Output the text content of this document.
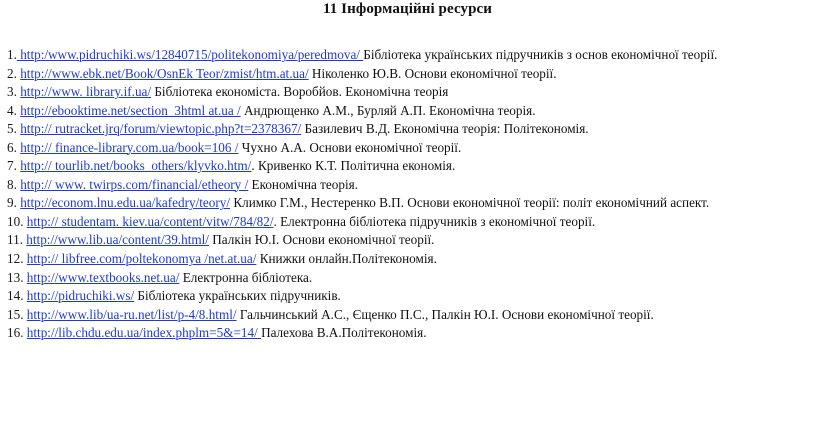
11 Інформаційні ресурси
1. http:/www.pidruchiki.ws/12840715/politekonomiya/peredmova/ Бібліотека українських підручників з основ економічної теорії.
2. http://www.ebk.net/Book/OsnEk Teor/zmist/htm.at.ua/ Ніколенко Ю.В. Основи економічної теорії.
3. http://www. library.if.ua/ Бібліотека економіста. Воробйов. Економічна теорія
4. http://ebooktime.net/section_3html at.ua / Андрющенко А.М., Бурляй А.П. Економічна теорія.
5. http:// rutracket.jrq/forum/viewtopic.php?t=2378367/ Базилевич В.Д. Економічна теорія: Політекономія.
6. http:// finance-library.com.ua/book=106 / Чухно А.А. Основи економічної теорії.
7. http:// tourlib.net/books_others/klyvko.htm/. Кривенко К.Т. Політична економія.
8. http:// www. twirps.com/financial/etheory / Економічна теорія.
9. http://econom.lnu.edu.ua/kafedry/teory/ Климко Г.М., Нестеренко В.П. Основи економічної теорії: політ економічний аспект.
10. http:// studentam. kiev.ua/content/vitw/784/82/. Електронна бібліотека підручників з економічної теорії.
11. http://www.lib.ua/content/39.html/ Палкін Ю.І. Основи економічної теорії.
12. http:// libfree.com/poltekonomya /net.at.ua/ Книжки онлайн.Політекономія.
13. http://www.textbooks.net.ua/ Електронна бібліотека.
14. http://pidruchiki.ws/ Бібліотека українських підручників.
15. http://www.lib/ua-ru.net/list/p-4/8.html/ Гальчинський А.С., Єщенко П.С., Палкін Ю.І. Основи економічної теорії.
16. http://lib.chdu.edu.ua/index.phplm=5&=14/ Палехова В.А.Політекономія.
